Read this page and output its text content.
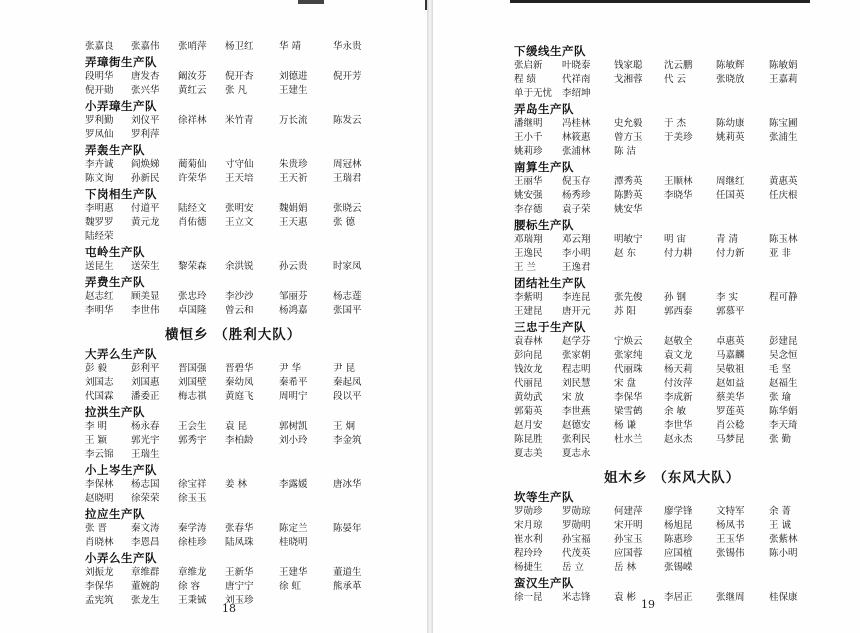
张嘉良	张嘉伟	张哨萍	杨卫红	华 靖	华永贵
弄璋街生产队
段明华	唐发杏	阚汝芬	倪开杏	刘德进	倪开芳
倪开勋	张兴华	黄红云	张 凡	王建生
小弄璋生产队
罗利勤	刘仪平	徐祥林	米竹青	万长流	陈发云
罗凤仙	罗利萍
弄轰生产队
李卉诚	阎焕娣	蔺菊仙	寸守仙	朱贵珍	周冠林
陈文询	孙新民	许荣华	王天培	王天祈	王瑞君
下岗相生产队
李明惠	付道平	陆经文	张明安	魏娟娟	张晓云
魏罗罗	黄元龙	肖佑德	王立文	王天惠	张 德
陆经荣
屯岭生产队
送昆生	送荣生	黎荣森	余洪锐	孙云贵	时家凤
弄费生产队
赵志红	顾美显	张忠玲	李沙沙	邹丽芬	杨志莲
李明华	李世伟	卓国隆	曾云和	杨鸿嘉	张国平
横恒乡 （胜利大队）
大弄么生产队
彭 毅	彭利平	晋国强	晋碧华	尹 华	尹 昆
刘国志	刘国惠	刘国壁	秦幼凤	秦希平	秦起凤
代国霖	潘委正	梅志祺	黄庭飞	周明宁	段以平
拉洪生产队
李 明	杨永春	王会生	袁 昆	郭树凯	王 炯
王 颖	郭光宇	郭秀宇	李柏龄	刘小玲	李金筑
李云锦	王瑞生
小上岑生产队
李保林	杨志国	徐宝祥	姜 林	李露媛	唐冰华
赵晓明	徐荣荣	徐玉玉
拉应生产队
张 晋	秦文涛	秦学涛	张春华	陈定兰	陈晏年
肖晓林	李恩昌	徐桂珍	陆凤珠	桂晓明
小弄么生产队
刘振龙	章维群	章维龙	王新华	王建华	董道生
李保华	董婉韵	徐 容	唐宁宁	徐 虹	熊承革
孟宪筑	张龙生	王秉铖	刘玉珍
18
下缓线生产队
张启新	叶晓泰	钱家聪	沈云鹏	陈敏辉	陈敏娟
程 绩	代祥南	戈湘蓉	代 云	张晓放	王嘉莉
单于无忧	李绍坤
弄岛生产队
潘继明	冯桂林	史允毅	于 杰	陈幼康	陈宝圃
王小千	林筱惠	曾方玉	于美珍	姚莉英	张浦生
姚莉珍	张浦林	陈 洁
南算生产队
王丽华	倪玉存	潭秀英	王顺林	周继红	黄惠英
姚安强	杨秀珍	陈黔英	李晓华	任国英	任庆根
李存德	袁子荣	姚安华
腰标生产队
邓瑞翔	邓云翔	明敏宁	明 宙	青 清	陈玉林
王逸民	李小明	赵 东	付力耕	付力新	亚 非
王 兰	王逸君
团结社生产队
李紫明	李连昆	张先俊	孙 钢	李 实	程可静
王建昆	唐开元	苏 阳	郭西泰	郭慕平
三忠于生产队
袁春林	赵学芬	宁焕云	赵敬全	卓惠英	彭建昆
彭向昆	张家朝	张家纯	袁文龙	马嘉麟	吴念恒
钱汝龙	程志明	代丽珠	杨天莉	吴敬祖	毛 坚
代丽昆	刘民慧	宋 盘	付汝萍	赵如益	赵福生
黄幼武	宋 放	李保华	李成新	蔡美华	张 瑜
郭菊英	李世燕	梁雪鹤	余 敏	罗莲英	陈华娟
赵月安	赵德安	杨 谦	李世华	肖公稔	李天琦
陈昆胜	张利民	杜水兰	赵永杰	马梦昆	张 勤
夏志美	夏志永
姐木乡 （东风大队）
坎等生产队
罗勋珍	罗勋琼	何建萍	廖学锋	文特军	余 菁
宋月琼	罗勋明	宋开明	杨旭昆	杨凤书	王 诚
崔水利	孙宝福	孙宝玉	陈惠珍	王玉华	张紫林
程玲玲	代茂英	应国蓉	应国植	张锡伟	陈小明
杨捷生	岳 立	岳 林	张锡嵘
蛮汉生产队
徐一昆	米志锋	袁 彬	李居正	张继周	桂保康
19
